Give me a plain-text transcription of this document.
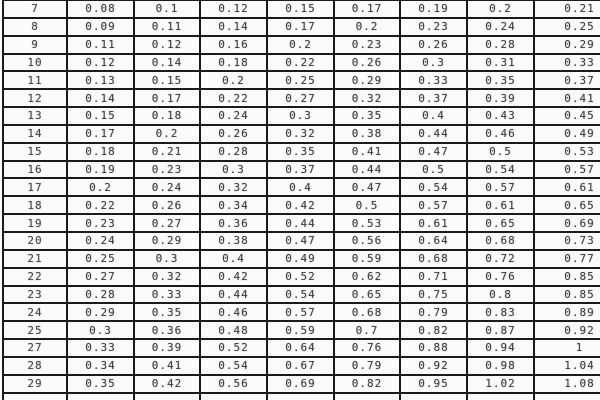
7	0.08	0.1	0.12	0.15	0.17	0.19	0.2	0.21
8	0.09	0.11	0.14	0.17	0.2	0.23	0.24	0.25
9	0.11	0.12	0.16	0.2	0.23	0.26	0.28	0.29
10	0.12	0.14	0.18	0.22	0.26	0.3	0.31	0.33
11	0.13	0.15	0.2	0.25	0.29	0.33	0.35	0.37
12	0.14	0.17	0.22	0.27	0.32	0.37	0.39	0.41
13	0.15	0.18	0.24	0.3	0.35	0.4	0.43	0.45
14	0.17	0.2	0.26	0.32	0.38	0.44	0.46	0.49
15	0.18	0.21	0.28	0.35	0.41	0.47	0.5	0.53
16	0.19	0.23	0.3	0.37	0.44	0.5	0.54	0.57
17	0.2	0.24	0.32	0.4	0.47	0.54	0.57	0.61
18	0.22	0.26	0.34	0.42	0.5	0.57	0.61	0.65
19	0.23	0.27	0.36	0.44	0.53	0.61	0.65	0.69
20	0.24	0.29	0.38	0.47	0.56	0.64	0.68	0.73
21	0.25	0.3	0.4	0.49	0.59	0.68	0.72	0.77
22	0.27	0.32	0.42	0.52	0.62	0.71	0.76	0.85
23	0.28	0.33	0.44	0.54	0.65	0.75	0.8	0.85
24	0.29	0.35	0.46	0.57	0.68	0.79	0.83	0.89
25	0.3	0.36	0.48	0.59	0.7	0.82	0.87	0.92
27	0.33	0.39	0.52	0.64	0.76	0.88	0.94	1
28	0.34	0.41	0.54	0.67	0.79	0.92	0.98	1.04
29	0.35	0.42	0.56	0.69	0.82	0.95	1.02	1.08
